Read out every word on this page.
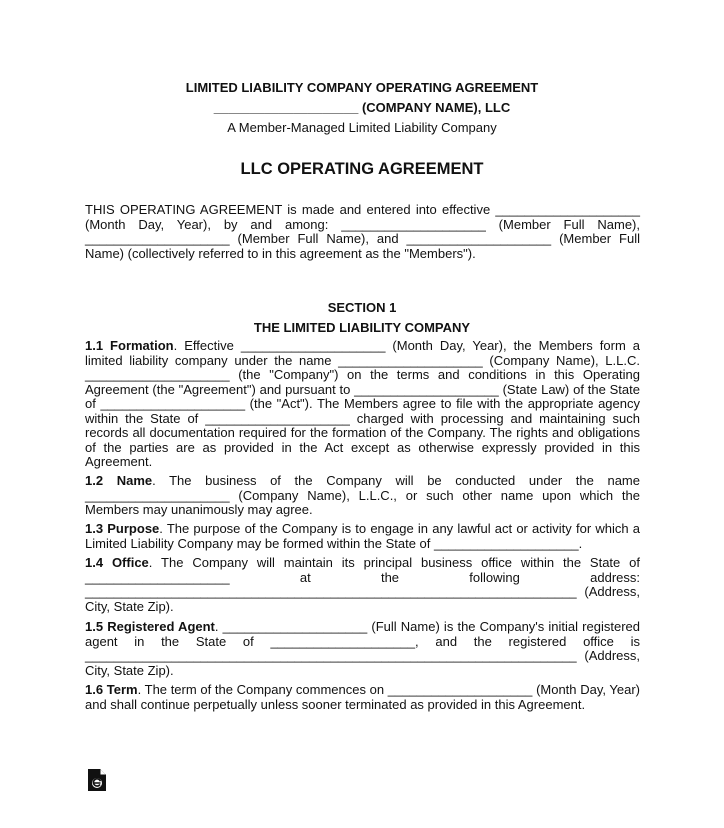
LIMITED LIABILITY COMPANY OPERATING AGREEMENT
____________________ (COMPANY NAME), LLC
A Member-Managed Limited Liability Company
LLC OPERATING AGREEMENT

THIS OPERATING AGREEMENT is made and entered into effective ____________________ (Month Day, Year), by and among: ____________________ (Member Full Name), ____________________ (Member Full Name), and ____________________ (Member Full Name) (collectively referred to in this agreement as the "Members").

SECTION 1
THE LIMITED LIABILITY COMPANY

1.1 Formation. Effective ____________________ (Month Day, Year), the Members form a limited liability company under the name ____________________ (Company Name), L.L.C. ____________________ (the "Company") on the terms and conditions in this Operating Agreement (the "Agreement") and pursuant to ____________________ (State Law) of the State of ____________________ (the "Act"). The Members agree to file with the appropriate agency within the State of ____________________ charged with processing and maintaining such records all documentation required for the formation of the Company. The rights and obligations of the parties are as provided in the Act except as otherwise expressly provided in this Agreement.

1.2 Name. The business of the Company will be conducted under the name ____________________ (Company Name), L.L.C., or such other name upon which the Members may unanimously may agree.

1.3 Purpose. The purpose of the Company is to engage in any lawful act or activity for which a Limited Liability Company may be formed within the State of ____________________.

1.4 Office. The Company will maintain its principal business office within the State of ____________________ at the following address: ____________________________________________________________________ (Address, City, State Zip).

1.5 Registered Agent. ____________________ (Full Name) is the Company's initial registered agent in the State of ____________________, and the registered office is ____________________________________________________________________ (Address, City, State Zip).

1.6 Term. The term of the Company commences on ____________________ (Month Day, Year) and shall continue perpetually unless sooner terminated as provided in this Agreement.
